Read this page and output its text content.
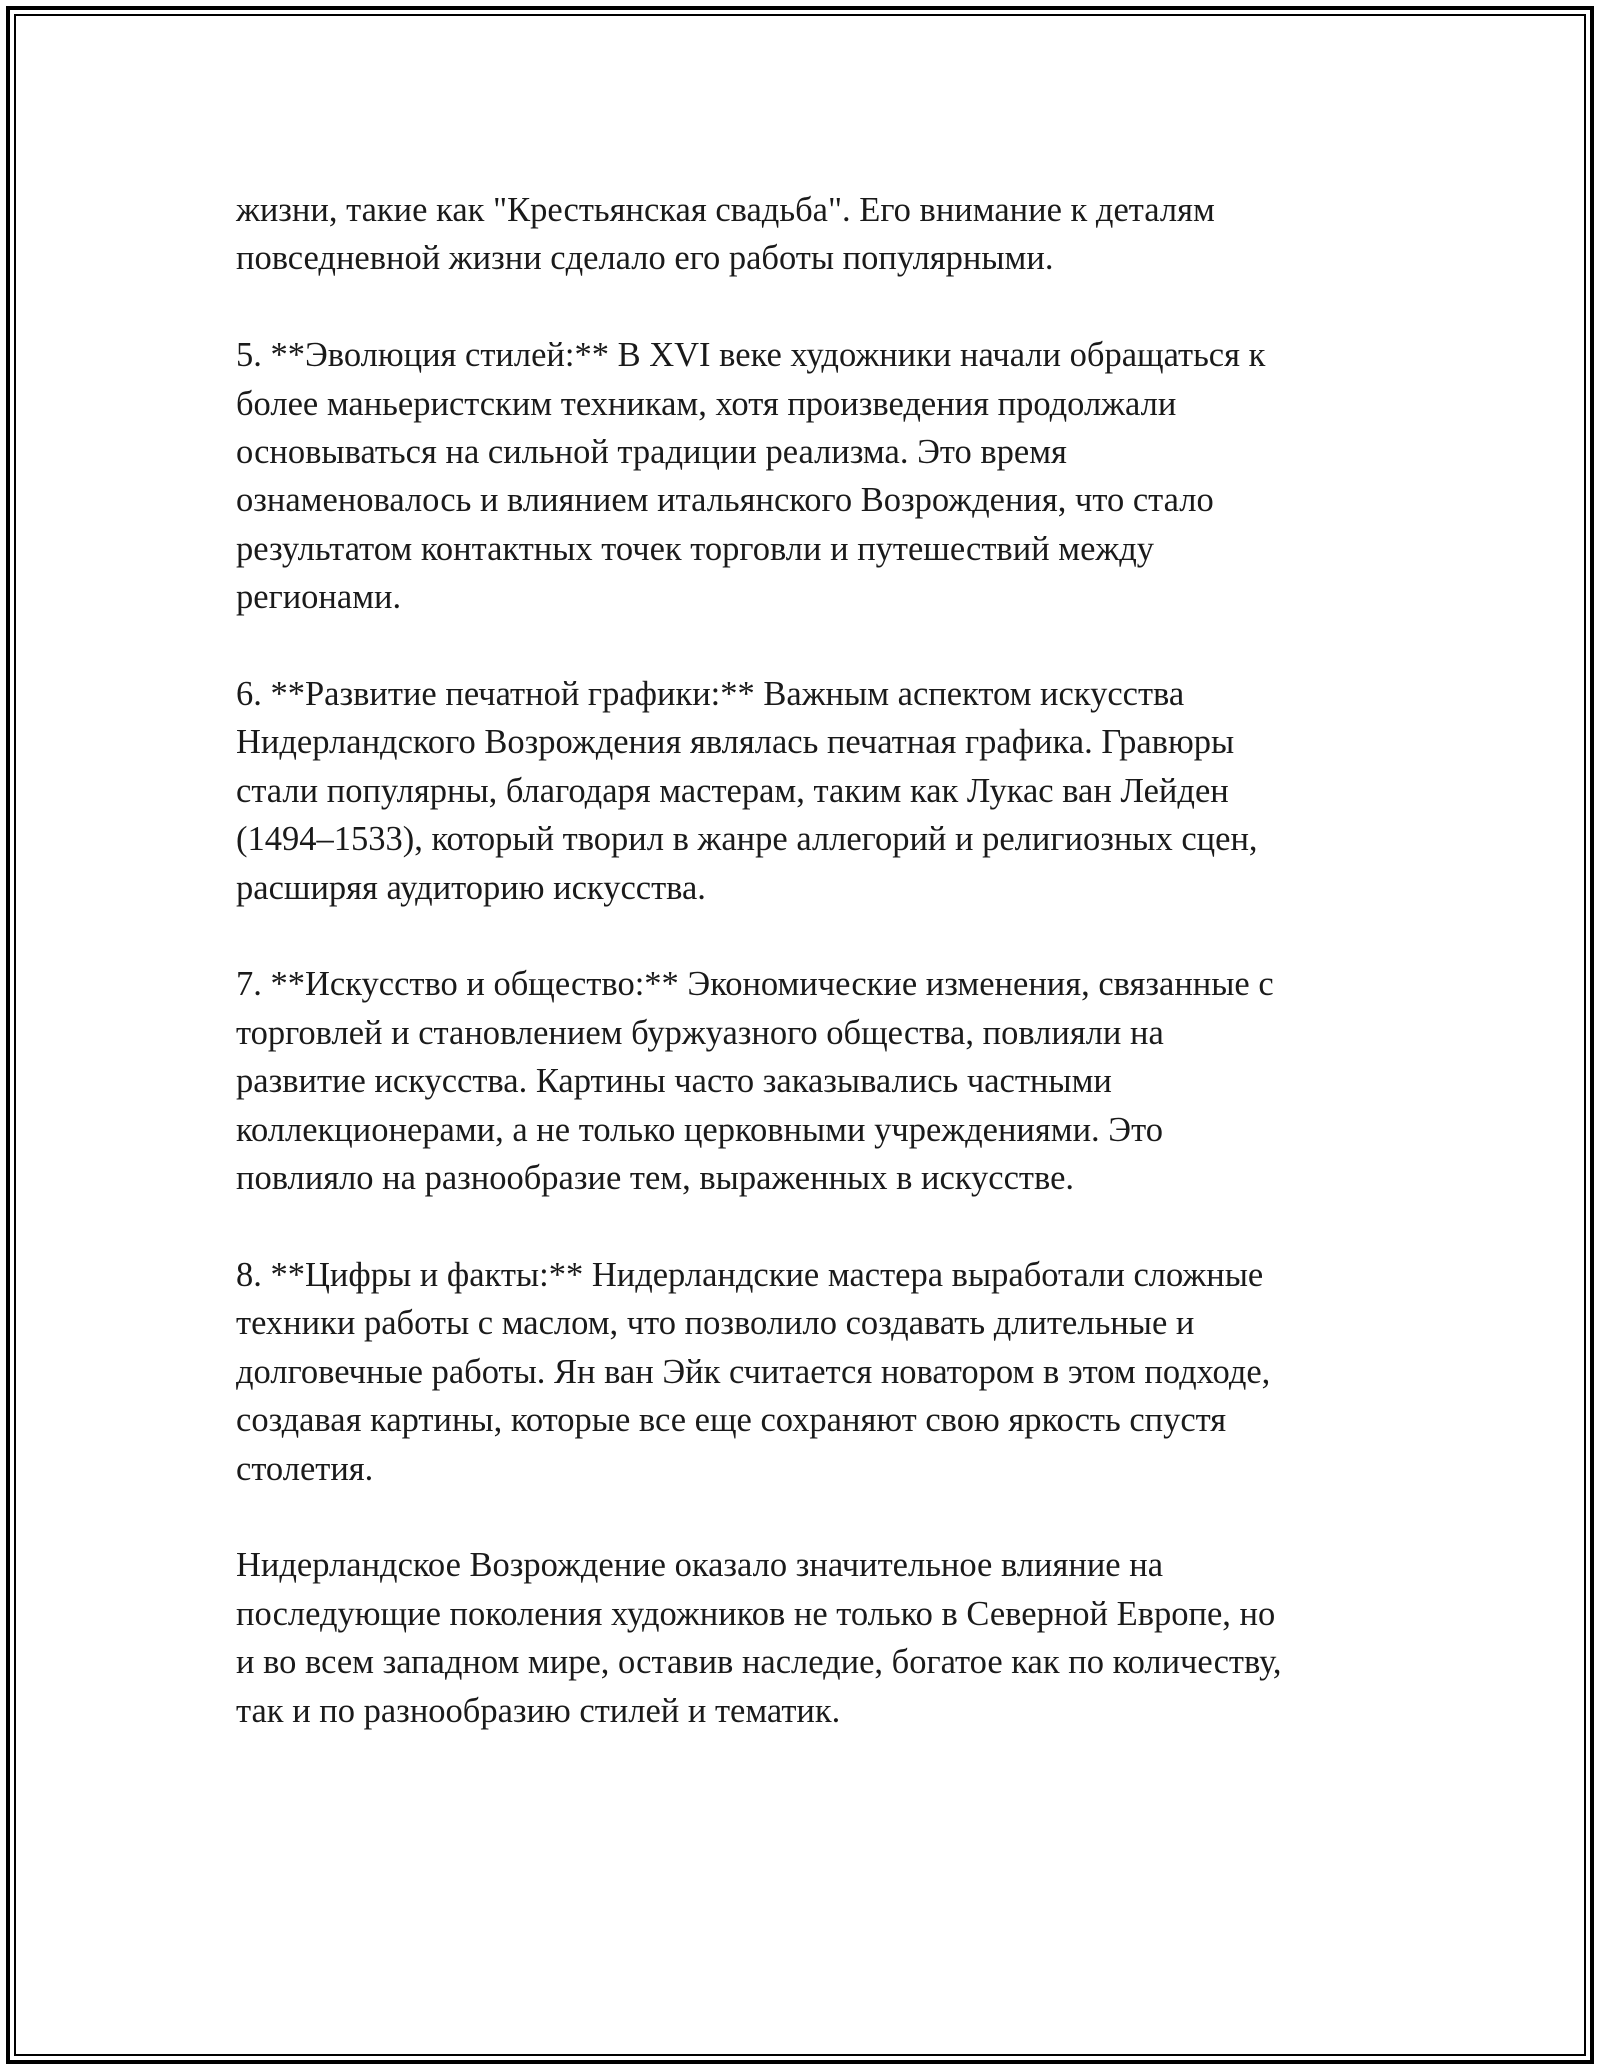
жизни, такие как "Крестьянская свадьба". Его внимание к деталям
повседневной жизни сделало его работы популярными.

5. **Эволюция стилей:** В XVI веке художники начали обращаться к
более маньеристским техникам, хотя произведения продолжали
основываться на сильной традиции реализма. Это время
ознаменовалось и влиянием итальянского Возрождения, что стало
результатом контактных точек торговли и путешествий между
регионами.

6. **Развитие печатной графики:** Важным аспектом искусства
Нидерландского Возрождения являлась печатная графика. Гравюры
стали популярны, благодаря мастерам, таким как Лукас ван Лейден
(1494–1533), который творил в жанре аллегорий и религиозных сцен,
расширяя аудиторию искусства.

7. **Искусство и общество:** Экономические изменения, связанные с
торговлей и становлением буржуазного общества, повлияли на
развитие искусства. Картины часто заказывались частными
коллекционерами, а не только церковными учреждениями. Это
повлияло на разнообразие тем, выраженных в искусстве.

8. **Цифры и факты:** Нидерландские мастера выработали сложные
техники работы с маслом, что позволило создавать длительные и
долговечные работы. Ян ван Эйк считается новатором в этом подходе,
создавая картины, которые все еще сохраняют свою яркость спустя
столетия.

Нидерландское Возрождение оказало значительное влияние на
последующие поколения художников не только в Северной Европе, но
и во всем западном мире, оставив наследие, богатое как по количеству,
так и по разнообразию стилей и тематик.
